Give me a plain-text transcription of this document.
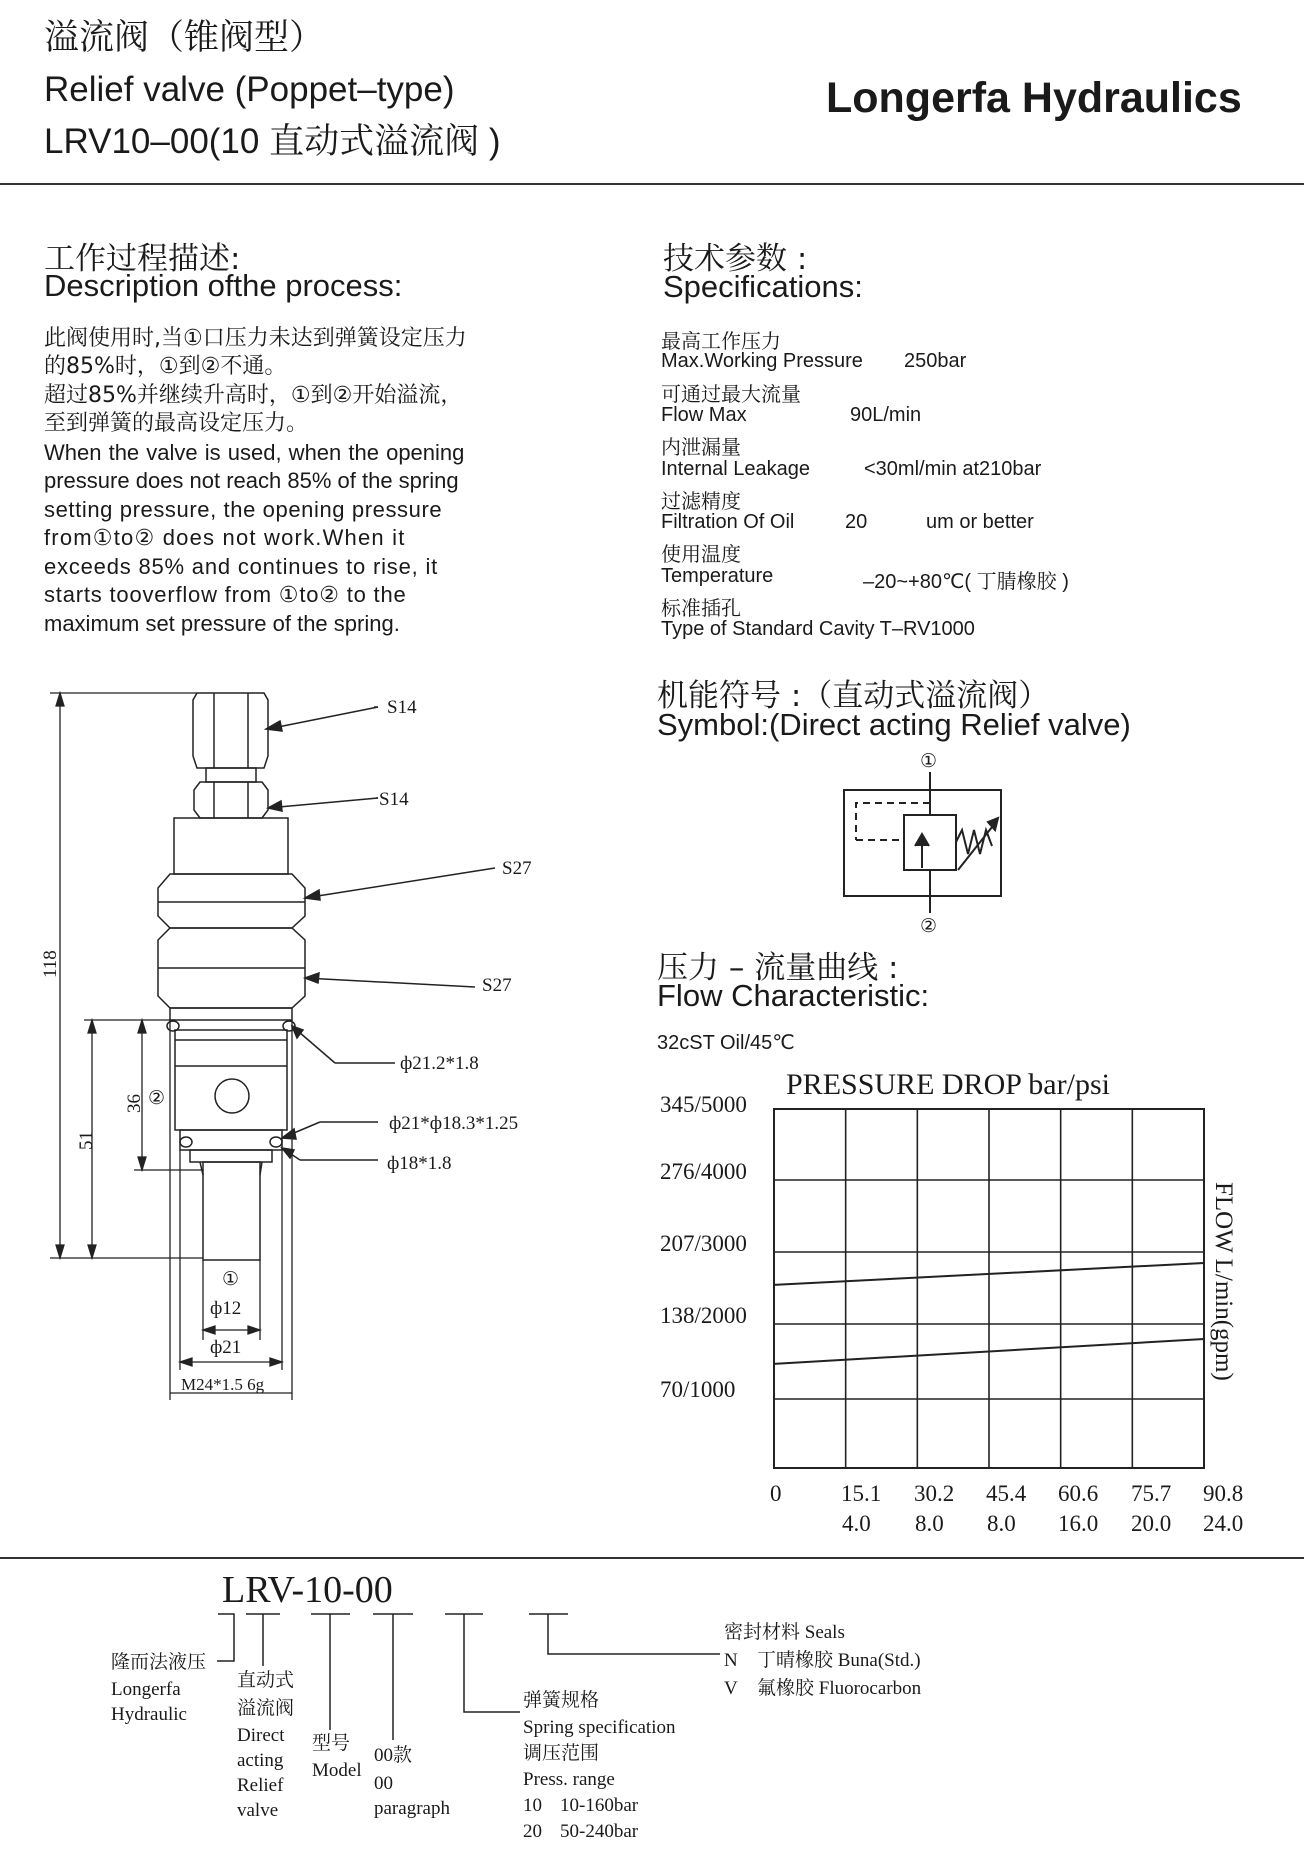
溢流阀（锥阀型）
Relief valve (Poppet–type)
LRV10–00(10 直动式溢流阀 )
Longerfa Hydraulics
工作过程描述:
Description ofthe process:
此阀使用时,当①口压力未达到弹簧设定压力
的85%时，①到②不通。
超过85%并继续升高时，①到②开始溢流，
至到弹簧的最高设定压力。
When the valve is used, when the opening
pressure does not reach 85% of the spring
setting pressure, the opening pressure
from①to② does not work.When it
exceeds 85% and continues to rise, it
starts tooverflow from ①to② to the
maximum set pressure of the spring.
技术参数 :
Specifications:
最高工作压力
Max.Working Pressure 250bar
可通过最大流量
Flow Max	90L/min
内泄漏量
Internal Leakage	<30ml/min at210bar
过滤精度
Filtration Of Oil	20	um or better
使用温度
Temperature	–20~+80℃( 丁腈橡胶 )
标准插孔
Type of Standard Cavity T–RV1000
机能符号 :（直动式溢流阀）
Symbol:(Direct acting Relief valve)
①
②
S14
S14
S27
S27
ф21.2*1.8
ф21*ф18.3*1.25
ф18*1.8
118
51
36 ②
①
ф12
ф21
M24*1.5 6g
压力 – 流量曲线 :
Flow Characteristic:
32cST Oil/45℃
PRESSURE DROP bar/psi
FLOW L/min(gpm)
345/5000
276/4000
207/3000
138/2000
70/1000
0	15.1 30.2 45.4 60.6 75.7 90.8
4.0 8.0 8.0 16.0 20.0 24.0
LRV-10-00
隆而法液压
Longerfa
Hydraulic
直动式
溢流阀
Direct
acting
Relief
valve
型号
Model
00款
00
paragraph
弹簧规格
Spring specification
调压范围
Press. range
10 10-160bar
20 50-240bar
密封材料 Seals
N 丁晴橡胶 Buna(Std.)
V 氟橡胶 Fluorocarbon
